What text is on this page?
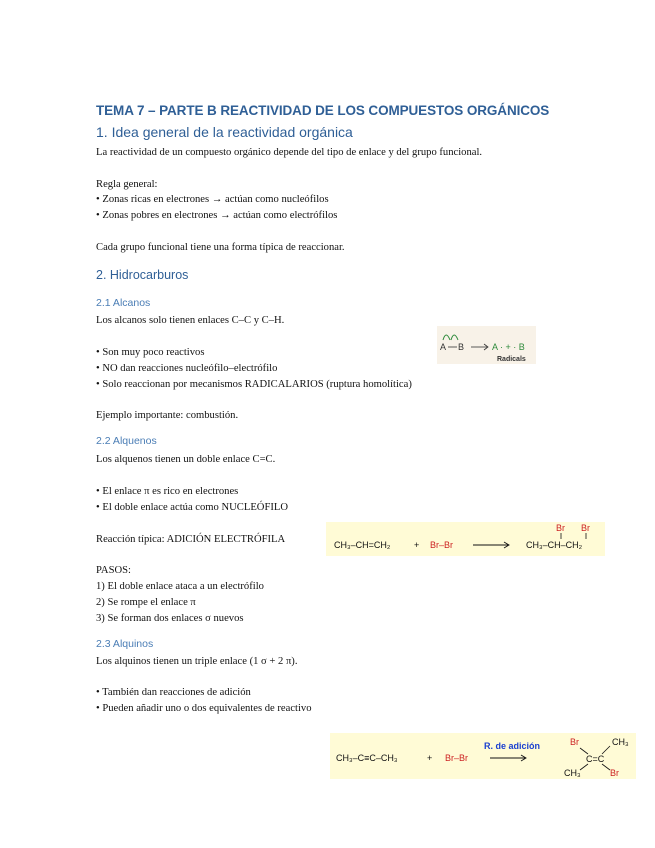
TEMA 7 – PARTE B REACTIVIDAD DE LOS COMPUESTOS ORGÁNICOS
1. Idea general de la reactividad orgánica
La reactividad de un compuesto orgánico depende del tipo de enlace y del grupo funcional.
Regla general:
• Zonas ricas en electrones → actúan como nucleófilos
• Zonas pobres en electrones → actúan como electrófilos
Cada grupo funcional tiene una forma típica de reaccionar.
2. Hidrocarburos
2.1 Alcanos
Los alcanos solo tienen enlaces C–C y C–H.
• Son muy poco reactivos
• NO dan reacciones nucleófilo–electrófilo
• Solo reaccionan por mecanismos RADICALARIOS (ruptura homolítica)
Ejemplo importante: combustión.
A B	A · + · B
Radicals
2.2 Alquenos
Los alquenos tienen un doble enlace C=C.
• El enlace π es rico en electrones
• El doble enlace actúa como NUCLEÓFILO
Reacción típica: ADICIÓN ELECTRÓFILA
PASOS:
1) El doble enlace ataca a un electrófilo
2) Se rompe el enlace π
3) Se forman dos enlaces σ nuevos
CH₃–CH=CH₂	+ Br–Br
Br Br
CH₃–CH–CH₂
2.3 Alquinos
Los alquinos tienen un triple enlace (1 σ + 2 π).
• También dan reacciones de adición
• Pueden añadir uno o dos equivalentes de reactivo
CH₃–C≡C–CH₃	+ Br–Br
R. de adición	Br	CH₃
C=C
CH₃	Br
